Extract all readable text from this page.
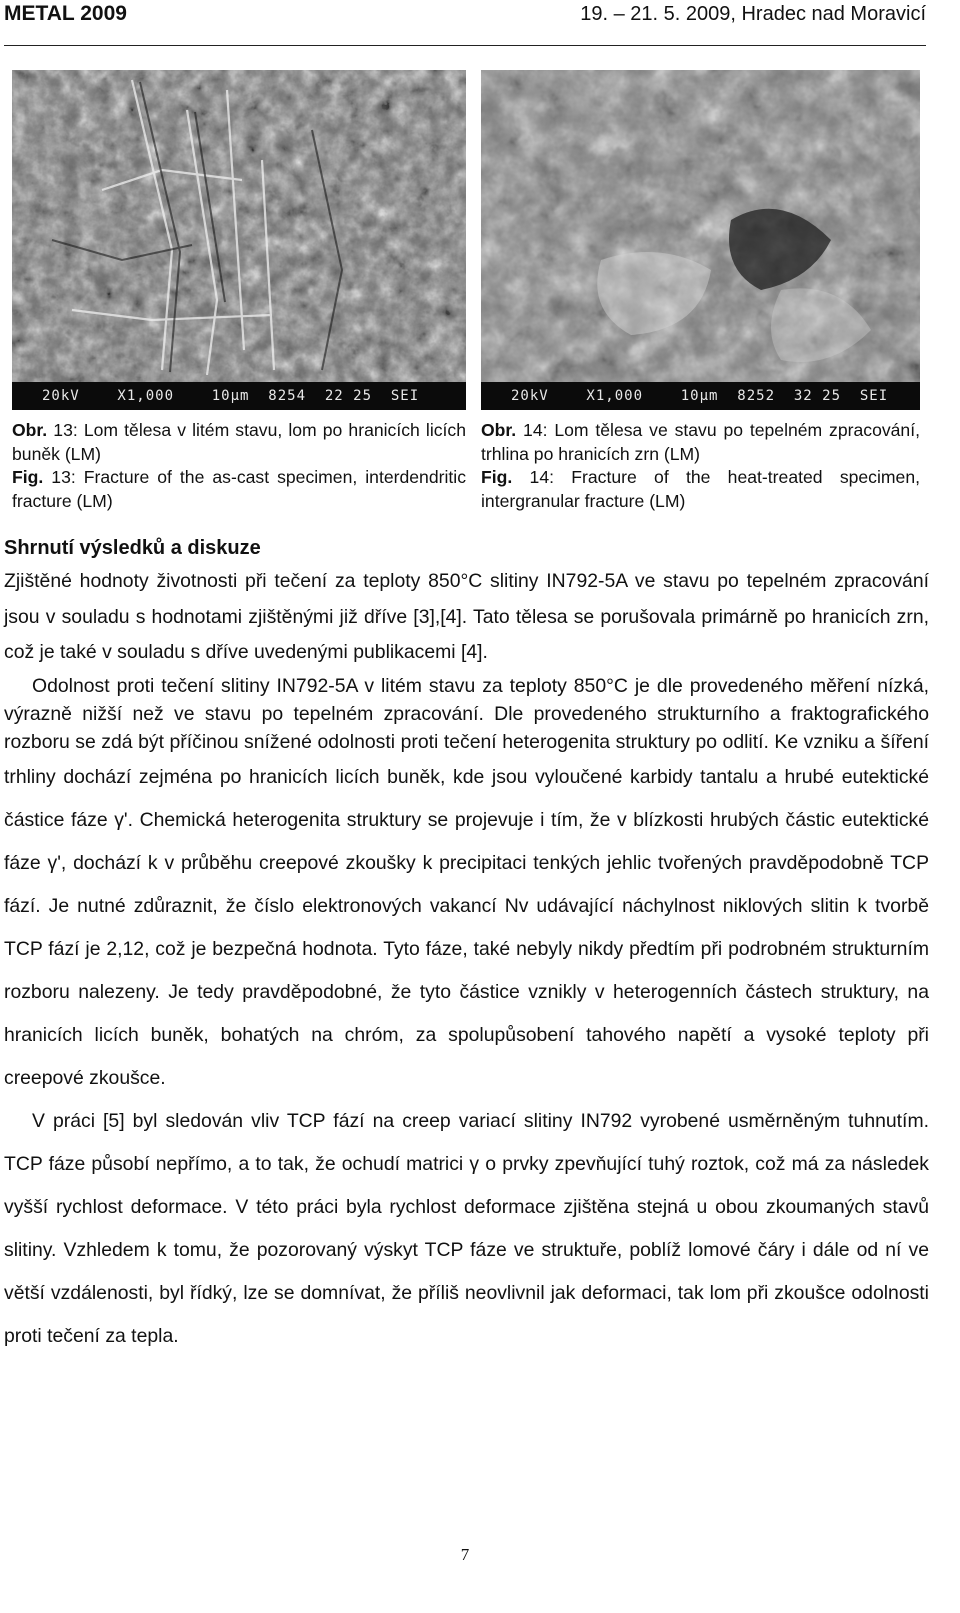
METAL 2009	19. – 21. 5. 2009, Hradec nad Moravicí
20kV    X1,000    10µm  8254  22 25  SEI	20kV    X1,000    10µm  8252  32 25  SEI

Obr. 13: Lom tělesa v litém stavu, lom po hranicích licích buněk (LM)

Fig. 13: Fracture of the as-cast specimen, interdendritic fracture (LM)

Obr. 14: Lom tělesa ve stavu po tepelném zpracování, trhlina po hranicích zrn (LM)

Fig. 14: Fracture of the heat-treated specimen, intergranular fracture (LM)

Shrnutí výsledků a diskuze

Zjištěné hodnoty životnosti při tečení za teploty 850°C slitiny IN792-5A ve stavu po tepelném zpracování jsou v souladu s hodnotami zjištěnými již dříve [3],[4]. Tato tělesa se porušovala primárně po hranicích zrn, což je také v souladu s dříve uvedenými publikacemi [4].

Odolnost proti tečení slitiny IN792-5A v litém stavu za teploty 850°C je dle provedeného měření nízká, výrazně nižší než ve stavu po tepelném zpracování. Dle provedeného strukturního a fraktografického rozboru se zdá být příčinou snížené odolnosti proti tečení heterogenita struktury po odlití. Ke vzniku a šíření trhliny dochází zejména po hranicích licích buněk, kde jsou vyloučené karbidy tantalu a hrubé eutektické částice fáze γ'. Chemická heterogenita struktury se projevuje i tím, že v blízkosti hrubých částic eutektické fáze γ', dochází k v průběhu creepové zkoušky k precipitaci tenkých jehlic tvořených pravděpodobně TCP fází. Je nutné zdůraznit, že číslo elektronových vakancí Nv udávající náchylnost niklových slitin k tvorbě TCP fází je 2,12, což je bezpečná hodnota. Tyto fáze, také nebyly nikdy předtím při podrobném strukturním rozboru nalezeny. Je tedy pravděpodobné, že tyto částice vznikly v heterogenních částech struktury, na hranicích licích buněk, bohatých na chróm, za spolupůsobení tahového napětí a vysoké teploty při creepové zkoušce.

V práci [5] byl sledován vliv TCP fází na creep variací slitiny IN792 vyrobené usměrněným tuhnutím. TCP fáze působí nepřímo, a to tak, že ochudí matrici γ o prvky zpevňující tuhý roztok, což má za následek vyšší rychlost deformace. V této práci byla rychlost deformace zjištěna stejná u obou zkoumaných stavů slitiny. Vzhledem k tomu, že pozorovaný výskyt TCP fáze ve struktuře, poblíž lomové čáry i dále od ní ve větší vzdálenosti, byl řídký, lze se domnívat, že příliš neovlivnil jak deformaci, tak lom při zkoušce odolnosti proti tečení za tepla.

7
